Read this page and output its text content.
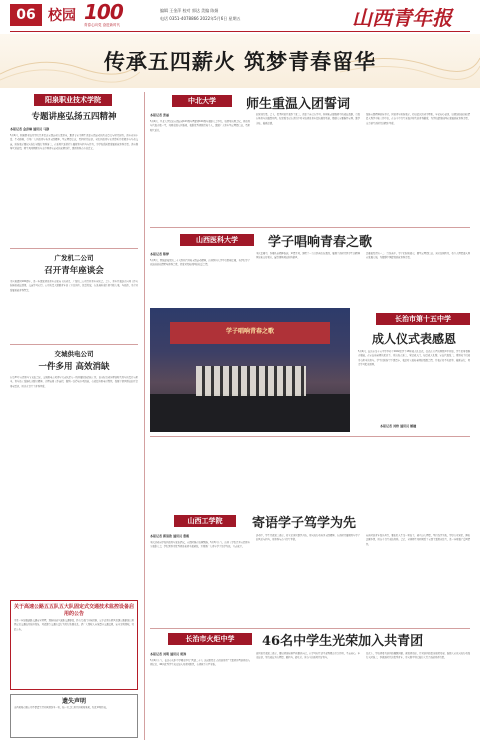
06 校园 100
青春心向党 奋进新时代
编辑 王金萍 校对 郭达 美编 陈娟
电话 0351-4078866 2022年5月6日 星期五	山西青年报
传承五四薪火 筑梦青春留华
阳泉职业技术学院
专题讲座弘扬五四精神
本报记者 金彦琳 通讯员 马静
5月4日，阳泉职业技术学院召开纪念五四运动专题讲座，邀请专家为师生讲述五四运动的历史意义与时代价值。讲座内容丰富、生动形象，引导广大团员青年传承五四精神，坚定理想信念，勇担时代使命。全院团员青年认真聆听并积极参与互动交流，纷纷表示要以实际行动践行青春誓言，在新时代新征程上展现青年担当与作为，为学校高质量发展贡献青春力量。讲座现场气氛热烈，师生共同回顾百年来中国青年运动的光辉历程，感悟青春奋斗的意义。
广发机二公司
召开青年座谈会
为庆祝建团100周年，进一步激发团员青年奋发向上的动力，广发机二公司召开青年座谈会。会上，青年代表结合自身工作实际畅谈成长感悟，交流学习心得。公司负责人勉励青年员工立足岗位、锐意进取，在急难险重任务中挑大梁、当先锋，为企业发展贡献青春智慧。
交城供电公司
一件多用 高效消缺
在第33个五四青年节来临之际，交城供电公司青年突击队深入一线开展设备消缺工作，以实际行动诠释新时代青年的责任与担当。青年员工发扬吃苦耐劳精神，合理安排工作流程，做到一次停电多项消缺，有效提升供电可靠性，保障了辖区群众的正常用电需求，用汗水书写了青春华章。
关于高速公路五五队五大队固定式交通技术监控设备启用的公告
为进一步加强道路交通安全管理，预防和减少道路交通事故，经有关部门审核批准，定于近期在辖区高速公路路段启用固定式交通技术监控设备，对超速等交通违法行为进行监测记录。请广大驾驶人自觉遵守交通法规，安全文明驾驶。特此公告。
遗失声明
山西某某有限公司不慎遗失营业执照副本一份，统一社会信用代码某某某某，特此声明作废。
中北大学	师生重温入团誓词
本报记者 张丽
5月4日，中北大学纪念五四运动103周年暨建团100周年表彰大会举行。校领导出席会议，团员青年代表齐聚一堂，共同重温入团誓词，表彰优秀团组织和个人，激励广大青年坚定理想信念，勇担时代重任。
的先锋力量。会上，优秀团员代表作了发言，讲述了自己在学习、科研和志愿服务中的成长故事，引发在场青年的强烈共鸣。校党委书记在讲话中对全校团员青年提出殷切希望，勉励大家要胸怀家国、勤学苦练、砥砺品德。
发扬五四精神的传承者。团员青年纷纷表示，将以此次活动为契机，牢记初心使命，以更加饱满的热情投入到学习和工作中去，在奋斗中书写无愧于时代的青春篇章，为学校建设和国家发展贡献青春力量，奋力谱写新时代的精彩华章。
山西医科大学	学子唱响青春之歌
本报记者 陈梦
5月3日，围绕迎接党的二十大胜利召开和五四运动精神，山西医科大学举行歌咏比赛，各学院学子以饱满的热情唱响青春之歌，抒发对党和祖国的热爱之情。
本次比赛中，参赛队伍精神饱满、声情并茂，演唱了一首首经典红色歌曲，展现了新时代医学生的精神风貌和良好素养，赢得现场观众阵阵掌声。
比赛最终评出一二三等奖若干。学子们纷纷表示，要坚定理想信念、刻苦钻研医术，将个人理想融入国家发展大局，为健康中国建设贡献青春力量。
学子唱响青春之歌
长治市第十五中学
成人仪式表感恩
5月4日，长治市第十五中学举办了2022届学子18岁成人礼仪式。仪式在庄严的国歌声中开始，学生们身着整齐服装，在家长和老师的见证下，宣读成人誓言，穿过成人门，接受成人礼赠。家长代表发言，寄语孩子们成为有担当的青年。学生们纷纷写下感恩卡，表达对父母和老师的感激之情，并表示将不负韶华、砥砺前行，努力学习报效祖国。
本报记者 刘烽 通讯员 解健
山西工学院	寄语学子笃学为先
本报记者 郭清欣 通讯员 曹毅
本次活动向学校团员青年发出倡议，五四团旗在校园飘扬，5月3日上午，山西工学院召开五四青年节表彰大会，学院领导为优秀团员和团干部颁奖，并寄语广大青年学子笃学为先、立志成才。
活动中，学生代表发言表示，将立足岗位勤学苦练，用实际行动传承五四精神，在新时代展现青年学子的风采与担当，用青春与奋斗书写华章。
向各团员青年发出号召，要扣好人生第一粒扣子，树立远大理想，坚持笃学为先，学好专业知识，锤炼过硬本领，用奋斗书写无悔青春。会后，全体师生共同观看了五四主题教育影片，进一步增强了爱国情怀。
长治市火炬中学	46名中学生光荣加入共青团
本报记者 刘明 通讯员 胡涛
5月4日上午，长治市火炬中学隆重举行“喜迎二十大 永远跟党走 奋进新征程”主题团日暨新团员入团仪式，46名优秀学生光荣加入共青团组织，在团旗下庄严宣誓。
新团员代表发言表示，要以团员标准严格要求自己，在学习和生活中起到模范带头作用，不忘初心、牢记使命，努力成长为有理想、敢担当、能吃苦、肯奋斗的新时代好青年。
仪式上，学校团委为新团员佩戴团徽、颁发团员证，并对新团员提出殷切希望，鼓励大家以实际行动践行入团誓言，争做新时代的优秀青年，为实现中华民族伟大复兴贡献青春力量。
